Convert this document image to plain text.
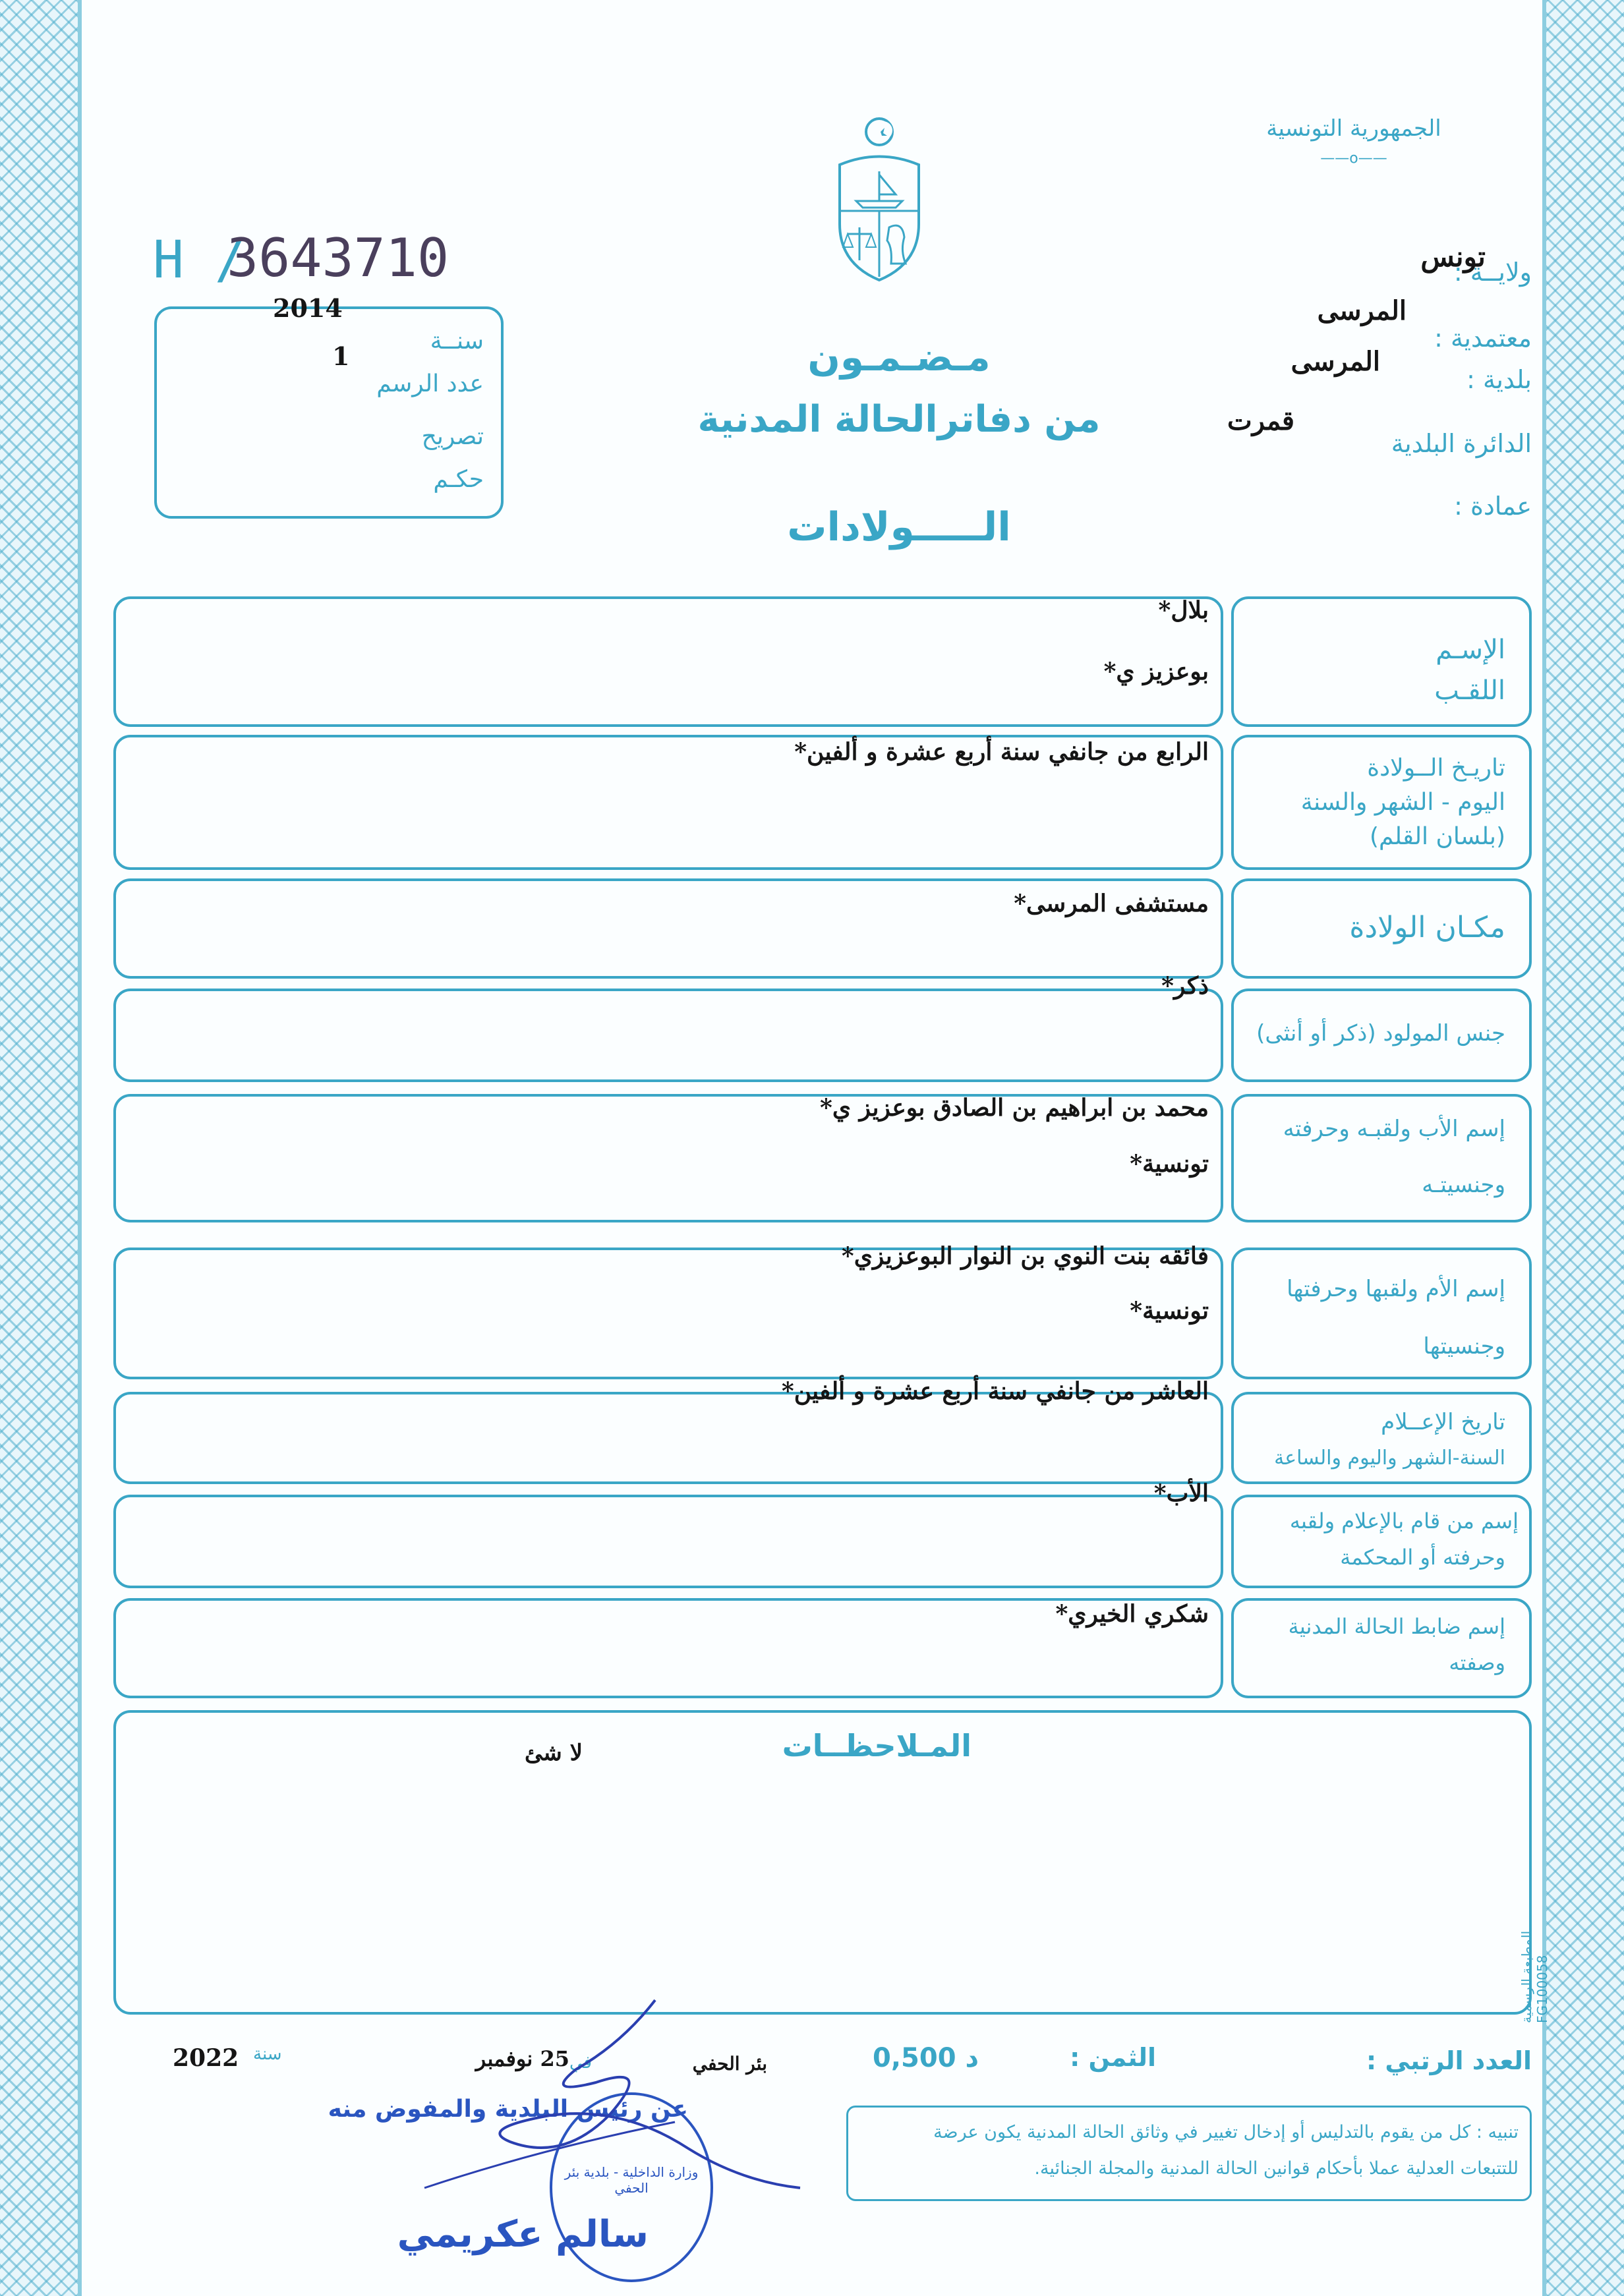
الجمهورية التونسية
——ο——
H /
3643710
2014
1
سنــة
عدد الرسم
تصريح
حكـم
ولايــة :
تونس
معتمدية :
المرسى
بلدية :
المرسى
الدائرة البلدية
قمرت
عمادة :
مـضـمـون
من دفاترالحالة المدنية
الـــــولادات
الإسـم
اللقـب
بلال*
بوعزيز ي*
تاريـخ الــولادة
اليوم - الشهر والسنة
(بلسان القلم)
الرابع من جانفي سنة أربع عشرة و ألفين*
مكـان الولادة
مستشفى المرسى*
جنس المولود (ذكر أو أنثى)
ذكر*
إسم الأب ولقبـه وحرفته
وجنسيتـه
محمد بن ابراهيم بن الصادق بوعزيز ي*
تونسية*
إسم الأم ولقبها وحرفتها
وجنسيتها
فائقه بنت النوي بن النوار البوعزيزي*
تونسية*
تاريخ الإعــلام
السنة-الشهر واليوم والساعة
العاشر من جانفي سنة أربع عشرة و ألفين*
إسم من قام بالإعلام ولقبه
وحرفته أو المحكمة
الأب*
إسم ضابط الحالة المدنية
وصفته
شكري الخيري*
المـلاحظــات
لا شئ
المطبعة الرسمية FG100058
العدد الرتبي :
الثمن :
0,500 د
بئر الحفي
في
25 نوفمبر
سنة
2022
عن رئيس البلدية والمفوض منه
سالم عكريمي
وزارة الداخلية - بلدية بئر الحفي
تنبيه : كل من يقوم بالتدليس أو إدخال تغيير في وثائق الحالة المدنية يكون عرضة
للتتبعات العدلية عملا بأحكام قوانين الحالة المدنية والمجلة الجنائية.
